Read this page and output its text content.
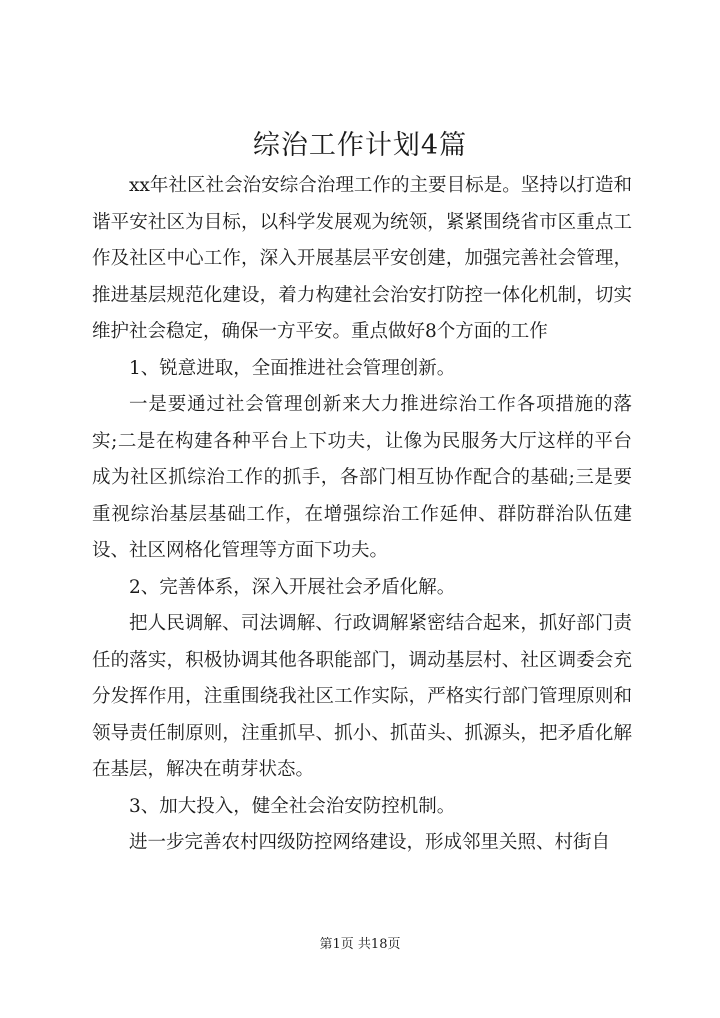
综治工作计划4篇

xx年社区社会治安综合治理工作的主要目标是。坚持以打造和谐平安社区为目标，以科学发展观为统领，紧紧围绕省市区重点工作及社区中心工作，深入开展基层平安创建，加强完善社会管理，推进基层规范化建设，着力构建社会治安打防控一体化机制，切实维护社会稳定，确保一方平安。重点做好8个方面的工作

1、锐意进取，全面推进社会管理创新。

一是要通过社会管理创新来大力推进综治工作各项措施的落实;二是在构建各种平台上下功夫，让像为民服务大厅这样的平台成为社区抓综治工作的抓手，各部门相互协作配合的基础;三是要重视综治基层基础工作，在增强综治工作延伸、群防群治队伍建设、社区网格化管理等方面下功夫。

2、完善体系，深入开展社会矛盾化解。

把人民调解、司法调解、行政调解紧密结合起来，抓好部门责任的落实，积极协调其他各职能部门，调动基层村、社区调委会充分发挥作用，注重围绕我社区工作实际，严格实行部门管理原则和领导责任制原则，注重抓早、抓小、抓苗头、抓源头，把矛盾化解在基层，解决在萌芽状态。

3、加大投入，健全社会治安防控机制。

进一步完善农村四级防控网络建设，形成邻里关照、村街自

第1页 共18页
